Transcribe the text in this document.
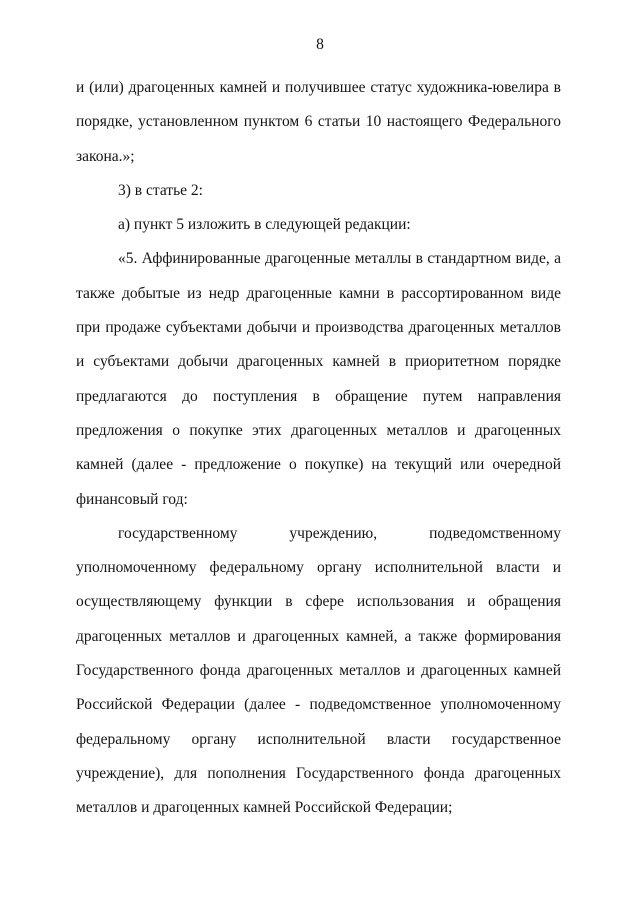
8

и (или) драгоценных камней и получившее статус художника-ювелира в порядке, установленном пунктом 6 статьи 10 настоящего Федерального закона.»;

3) в статье 2:

а) пункт 5 изложить в следующей редакции:

«5. Аффинированные драгоценные металлы в стандартном виде, а также добытые из недр драгоценные камни в рассортированном виде при продаже субъектами добычи и производства драгоценных металлов и субъектами добычи драгоценных камней в приоритетном порядке предлагаются до поступления в обращение путем направления предложения о покупке этих драгоценных металлов и драгоценных камней (далее - предложение о покупке) на текущий или очередной финансовый год:

государственному учреждению, подведомственному уполномоченному федеральному органу исполнительной власти и осуществляющему функции в сфере использования и обращения драгоценных металлов и драгоценных камней, а также формирования Государственного фонда драгоценных металлов и драгоценных камней Российской Федерации (далее - подведомственное уполномоченному федеральному органу исполнительной власти государственное учреждение), для пополнения Государственного фонда драгоценных металлов и драгоценных камней Российской Федерации;
